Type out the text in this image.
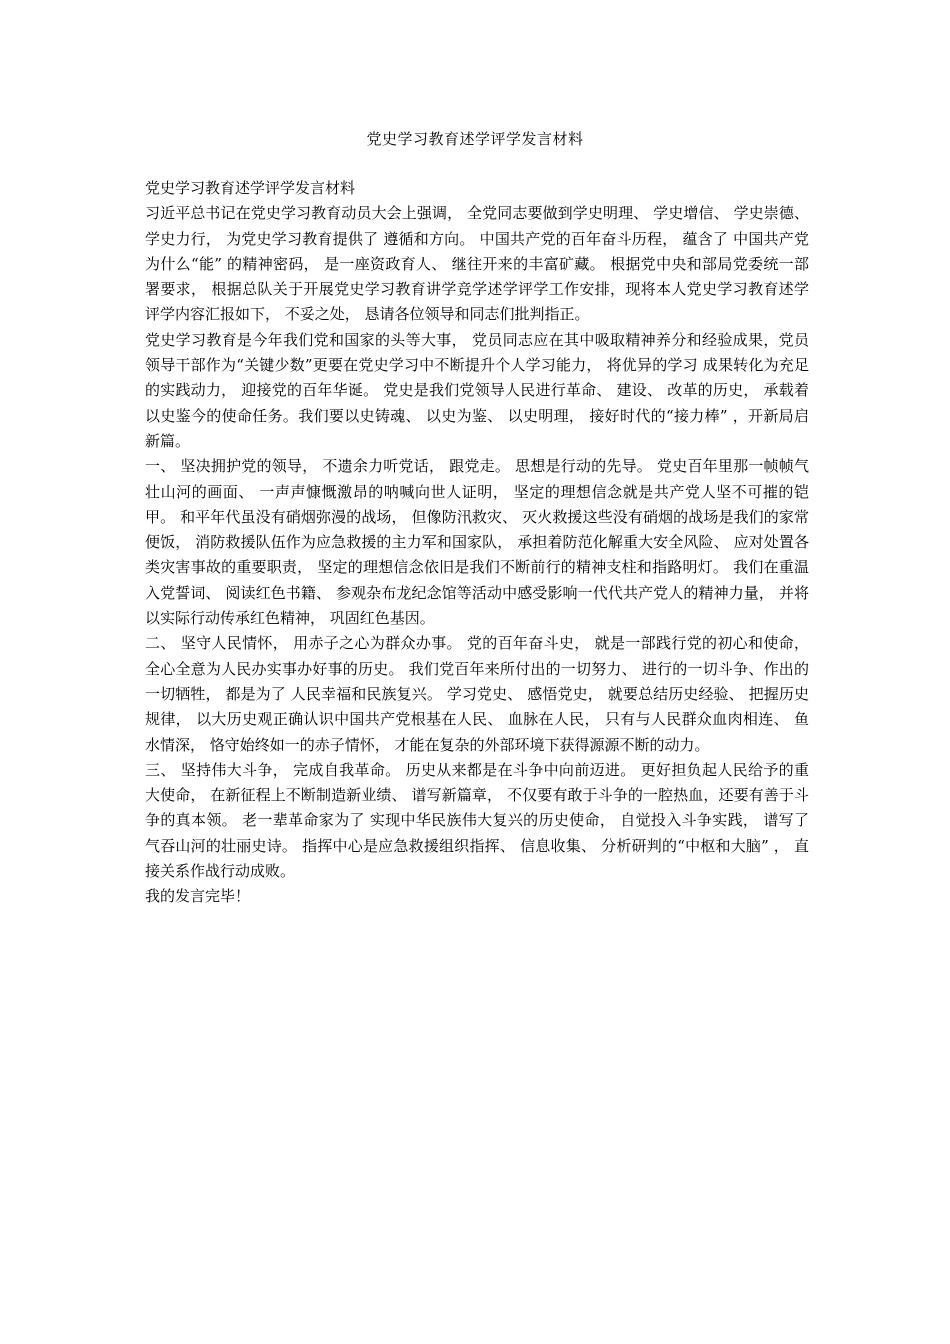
党史学习教育述学评学发言材料

党史学习教育述学评学发言材料

习近平总书记在党史学习教育动员大会上强调， 全党同志要做到学史明理、 学史增信、 学史崇德、 学史力行， 为党史学习教育提供了 遵循和方向。 中国共产党的百年奋斗历程， 蕴含了 中国共产党为什么“能” 的精神密码， 是一座资政育人、 继往开来的丰富矿藏。 根据党中央和部局党委统一部署要求， 根据总队关于开展党史学习教育讲学竞学述学评学工作安排，现将本人党史学习教育述学评学内容汇报如下， 不妥之处， 恳请各位领导和同志们批判指正。

党史学习教育是今年我们党和国家的头等大事， 党员同志应在其中吸取精神养分和经验成果，党员领导干部作为“关键少数”更要在党史学习中不断提升个人学习能力， 将优异的学习 成果转化为充足的实践动力， 迎接党的百年华诞。 党史是我们党领导人民进行革命、 建设、 改革的历史， 承载着以史鉴今的使命任务。我们要以史铸魂、 以史为鉴、 以史明理， 接好时代的“接力棒” ，开新局启新篇。

一、 坚决拥护党的领导， 不遗余力听党话， 跟党走。 思想是行动的先导。 党史百年里那一帧帧气壮山河的画面、 一声声慷慨激昂的呐喊向世人证明， 坚定的理想信念就是共产党人坚不可摧的铠甲。 和平年代虽没有硝烟弥漫的战场， 但像防汛救灾、 灭火救援这些没有硝烟的战场是我们的家常便饭， 消防救援队伍作为应急救援的主力军和国家队， 承担着防范化解重大安全风险、 应对处置各类灾害事故的重要职责， 坚定的理想信念依旧是我们不断前行的精神支柱和指路明灯。 我们在重温入党誓词、 阅读红色书籍、 参观杂布龙纪念馆等活动中感受影响一代代共产党人的精神力量， 并将以实际行动传承红色精神， 巩固红色基因。

二、 坚守人民情怀， 用赤子之心为群众办事。 党的百年奋斗史， 就是一部践行党的初心和使命， 全心全意为人民办实事办好事的历史。 我们党百年来所付出的一切努力、 进行的一切斗争、作出的一切牺牲， 都是为了 人民幸福和民族复兴。 学习党史、 感悟党史， 就要总结历史经验、 把握历史规律， 以大历史观正确认识中国共产党根基在人民、 血脉在人民， 只有与人民群众血肉相连、 鱼水情深， 恪守始终如一的赤子情怀， 才能在复杂的外部环境下获得源源不断的动力。

三、 坚持伟大斗争， 完成自我革命。 历史从来都是在斗争中向前迈进。 更好担负起人民给予的重大使命， 在新征程上不断制造新业绩、 谱写新篇章， 不仅要有敢于斗争的一腔热血，还要有善于斗争的真本领。 老一辈革命家为了 实现中华民族伟大复兴的历史使命， 自觉投入斗争实践， 谱写了 气吞山河的壮丽史诗。 指挥中心是应急救援组织指挥、 信息收集、 分析研判的“中枢和大脑” ， 直接关系作战行动成败。

我的发言完毕！
